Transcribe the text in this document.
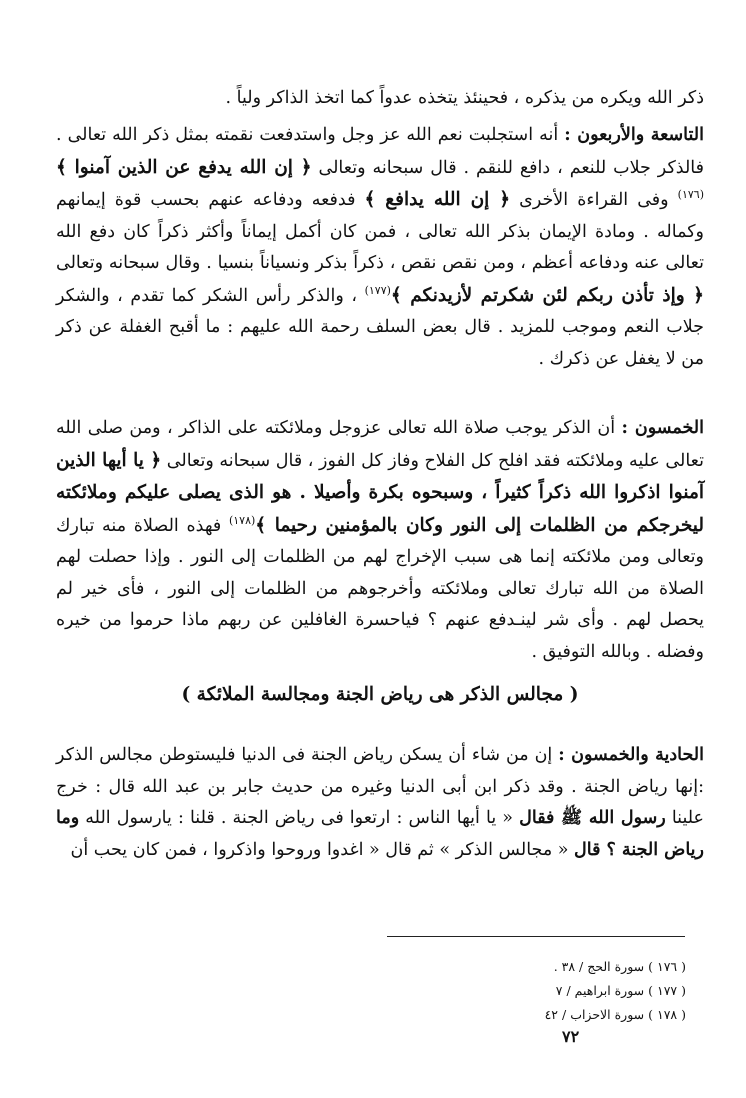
ذكر الله ويكره من يذكره ، فحينئذ يتخذه عدواً كما اتخذ الذاكر ولياً .
التاسعة والأربعون : أنه استجلبت نعم الله عز وجل واستدفعت نقمته بمثل ذكر الله تعالى . فالذكر جلاب للنعم ، دافع للنقم . قال سبحانه وتعالى ﴿ إن الله يدفع عن الذين آمنوا ﴾$^{(١٧٦)}$ وفى القراءة الأخرى ﴿ إن الله يدافع ﴾ فدفعه ودفاعه عنهم بحسب قوة إيمانهم وكماله . ومادة الإيمان بذكر الله تعالى ، فمن كان أكمل إيماناً وأكثر ذكراً كان دفع الله تعالى عنه ودفاعه أعظم ، ومن نقص نقص ، ذكراً بذكر ونسياناً بنسيا . وقال سبحانه وتعالى ﴿ وإذ تأذن ربكم لئن شكرتم لأزيدنكم ﴾$^{(١٧٧)}$ ، والذكر رأس الشكر كما تقدم ، والشكر جلاب النعم وموجب للمزيد . قال بعض السلف رحمة الله عليهم : ما أقبح الغفلة عن ذكر من لا يغفل عن ذكرك .
الخمسون : أن الذكر يوجب صلاة الله تعالى عزوجل وملائكته على الذاكر ، ومن صلى الله تعالى عليه وملائكته فقد افلح كل الفلاح وفاز كل الفوز ، قال سبحانه وتعالى ﴿ يا أيها الذين آمنوا اذكروا الله ذكراً كثيراً ، وسبحوه بكرة وأصيلا . هو الذى يصلى عليكم وملائكته ليخرجكم من الظلمات إلى النور وكان بالمؤمنين رحيما ﴾$^{(١٧٨)}$ فهذه الصلاة منه تبارك وتعالى ومن ملائكته إنما هى سبب الإخراج لهم من الظلمات إلى النور . وإذا حصلت لهم الصلاة من الله تبارك تعالى وملائكته وأخرجوهم من الظلمات إلى النور ، فأى خير لم يحصل لهم . وأى شر لينـدفع عنهم ؟ فياحسرة الغافلين عن ربهم ماذا حرموا من خيره وفضله . وبالله التوفيق .
( مجالس الذكر هى رياض الجنة ومجالسة الملائكة )
الحادية والخمسون : إن من شاء أن يسكن رياض الجنة فى الدنيا فليستوطن مجالس الذكر :إنها رياض الجنة . وقد ذكر ابن أبى الدنيا وغيره من حديث جابر بن عبد الله قال : خرج علينا رسول الله ﷺ فقال « يا أيها الناس : ارتعوا فى رياض الجنة . قلنا : يارسول الله وما رياض الجنة ؟ قال « مجالس الذكر » ثم قال « اغدوا وروحوا واذكروا ، فمن كان يحب أن
( ١٧٦ ) سورة الحج / ٣٨ .
( ١٧٧ ) سورة ابراهيم / ٧
( ١٧٨ ) سورة الاحزاب / ٤٢
٧٢
